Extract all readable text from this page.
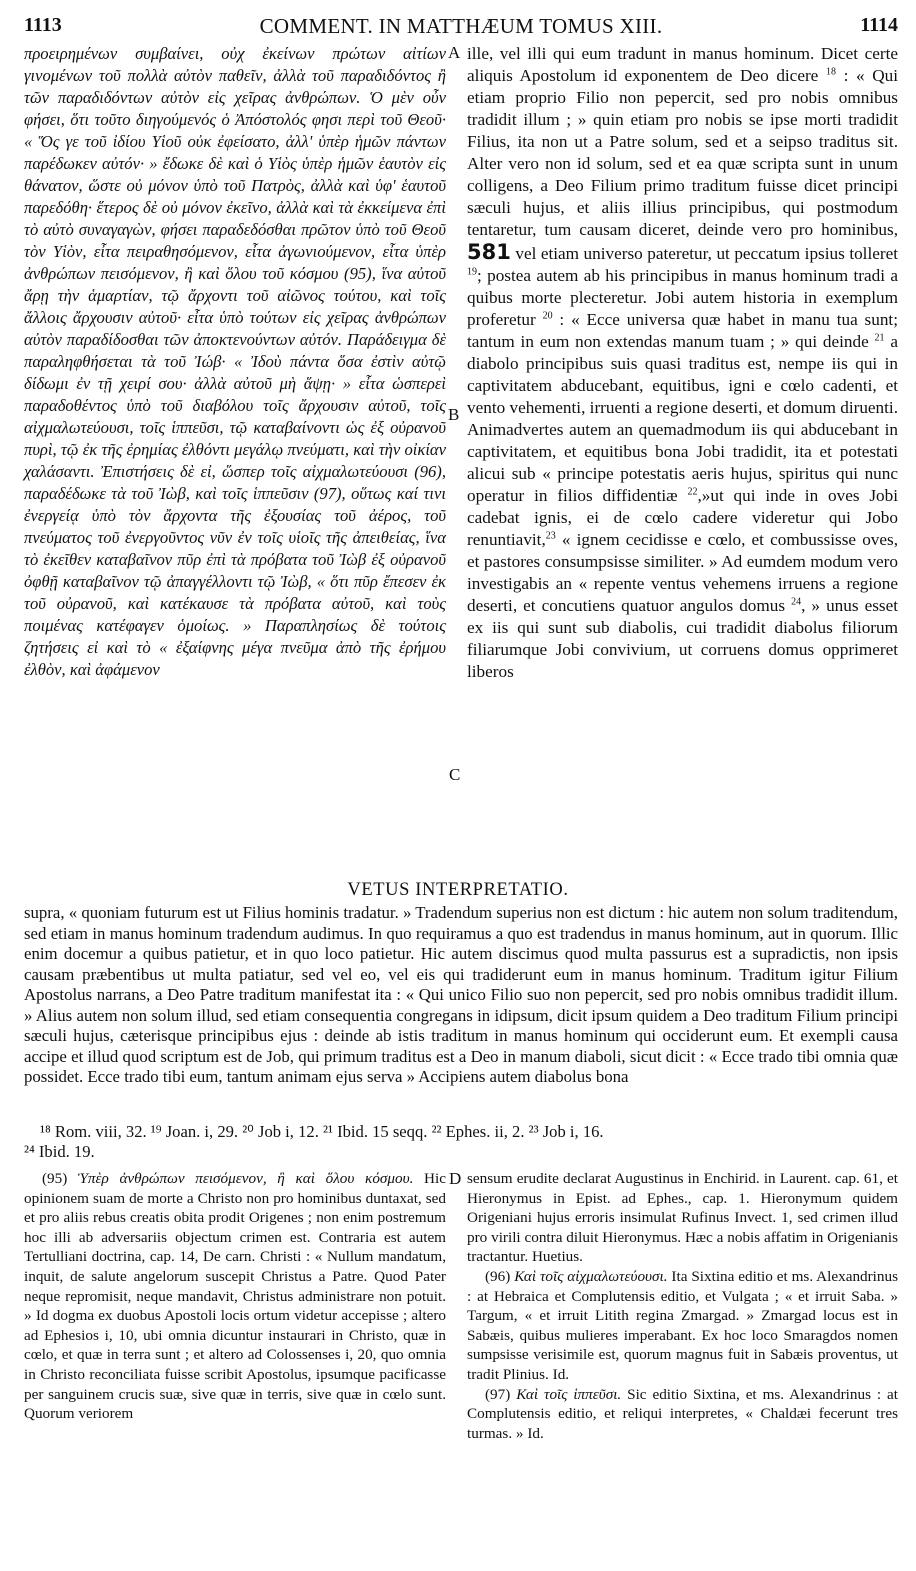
1113	COMMENT. IN MATTHÆUM TOMUS XIII.	1114
A
B
C
D

προειρημένων συμβαίνει, οὐχ ἐκείνων πρώτων αἰτίων γινομένων τοῦ πολλὰ αὐτὸν παθεῖν, ἀλλὰ τοῦ παραδιδόντος ἢ τῶν παραδιδόντων αὐτὸν εἰς χεῖρας ἀνθρώπων. Ὁ μὲν οὖν φήσει, ὅτι τοῦτο διηγούμενός ὁ Ἀπόστολός φησι περὶ τοῦ Θεοῦ· « Ὅς γε τοῦ ἰδίου Υἱοῦ οὐκ ἐφείσατο, ἀλλ' ὑπὲρ ἡμῶν πάντων παρέδωκεν αὐτόν· » ἔδωκε δὲ καὶ ὁ Υἱὸς ὑπὲρ ἡμῶν ἑαυτὸν εἰς θάνατον, ὥστε οὐ μόνον ὑπὸ τοῦ Πατρὸς, ἀλλὰ καὶ ὑφ' ἑαυτοῦ παρεδόθη· ἕτερος δὲ οὐ μόνον ἐκεῖνο, ἀλλὰ καὶ τὰ ἐκκείμενα ἐπὶ τὸ αὐτὸ συναγαγὼν, φήσει παραδεδόσθαι πρῶτον ὑπὸ τοῦ Θεοῦ τὸν Υἱὸν, εἶτα πειραθησόμενον, εἶτα ἀγωνιούμενον, εἶτα ὑπὲρ ἀνθρώπων πεισόμενον, ἢ καὶ ὅλου τοῦ κόσμου (95), ἵνα αὐτοῦ ἄρῃ τὴν ἁμαρτίαν, τῷ ἄρχοντι τοῦ αἰῶνος τούτου, καὶ τοῖς ἄλλοις ἄρχουσιν αὐτοῦ· εἶτα ὑπὸ τούτων εἰς χεῖρας ἀνθρώπων αὐτὸν παραδίδοσθαι τῶν ἀποκτενούντων αὐτόν. Παράδειγμα δὲ παραληφθήσεται τὰ τοῦ Ἰώβ· « Ἰδοὺ πάντα ὅσα ἐστὶν αὐτῷ δίδωμι ἐν τῇ χειρί σου· ἀλλὰ αὐτοῦ μὴ ἅψῃ· » εἶτα ὡσπερεὶ παραδοθέντος ὑπὸ τοῦ διαβόλου τοῖς ἄρχουσιν αὐτοῦ, τοῖς αἰχμαλωτεύουσι, τοῖς ἱππεῦσι, τῷ καταβαίνοντι ὡς ἐξ οὐρανοῦ πυρὶ, τῷ ἐκ τῆς ἐρημίας ἐλθόντι μεγάλῳ πνεύματι, καὶ τὴν οἰκίαν χαλάσαντι. Ἐπιστήσεις δὲ εἰ, ὥσπερ τοῖς αἰχμαλωτεύουσι (96), παραδέδωκε τὰ τοῦ Ἰὼβ, καὶ τοῖς ἱππεῦσιν (97), οὕτως καί τινι ἐνεργείᾳ ὑπὸ τὸν ἄρχοντα τῆς ἐξουσίας τοῦ ἀέρος, τοῦ πνεύματος τοῦ ἐνεργοῦντος νῦν ἐν τοῖς υἱοῖς τῆς ἀπειθείας, ἵνα τὸ ἐκεῖθεν καταβαῖνον πῦρ ἐπὶ τὰ πρόβατα τοῦ Ἰὼβ ἐξ οὐρανοῦ ὀφθῇ καταβαῖνον τῷ ἀπαγγέλλοντι τῷ Ἰὼβ, « ὅτι πῦρ ἔπεσεν ἐκ τοῦ οὐρανοῦ, καὶ κατέκαυσε τὰ πρόβατα αὐτοῦ, καὶ τοὺς ποιμένας κατέφαγεν ὁμοίως. » Παραπλησίως δὲ τούτοις ζητήσεις εἰ καὶ τὸ « ἐξαίφνης μέγα πνεῦμα ἀπὸ τῆς ἐρήμου ἐλθὸν, καὶ ἀφάμενον

ille, vel illi qui eum tradunt in manus hominum. Dicet certe aliquis Apostolum id exponentem de Deo dicere $^{18}$ : « Qui etiam proprio Filio non pepercit, sed pro nobis omnibus tradidit illum ; » quin etiam pro nobis se ipse morti tradidit Filius, ita non ut a Patre solum, sed et a seipso traditus sit. Alter vero non id solum, sed et ea quæ scripta sunt in unum colligens, a Deo Filium primo traditum fuisse dicet principi sæculi hujus, et aliis illius principibus, qui postmodum tentaretur, tum causam diceret, deinde vero pro hominibus, 581 vel etiam universo pateretur, ut peccatum ipsius tolleret $^{19}$; postea autem ab his principibus in manus hominum tradi a quibus morte plecteretur. Jobi autem historia in exemplum proferetur $^{20}$ : « Ecce universa quæ habet in manu tua sunt; tantum in eum non extendas manum tuam ; » qui deinde $^{21}$ a diabolo principibus suis quasi traditus est, nempe iis qui in captivitatem abducebant, equitibus, igni e cœlo cadenti, et vento vehementi, irruenti a regione deserti, et domum diruenti. Animadvertes autem an quemadmodum iis qui abducebant in captivitatem, et equitibus bona Jobi tradidit, ita et potestati alicui sub « principe potestatis aeris hujus, spiritus qui nunc operatur in filios diffidentiæ $^{22}$,»ut qui inde in oves Jobi cadebat ignis, ei de cœlo cadere videretur qui Jobo renuntiavit,$^{23}$ « ignem cecidisse e cœlo, et combussisse oves, et pastores consumpsisse similiter. » Ad eumdem modum vero investigabis an « repente ventus vehemens irruens a regione deserti, et concutiens quatuor angulos domus $^{24}$, » unus esset ex iis qui sunt sub diabolis, cui tradidit diabolus filiorum filiarumque Jobi convivium, ut corruens domus opprimeret liberos

VETUS INTERPRETATIO.

supra, « quoniam futurum est ut Filius hominis tradatur. » Tradendum superius non est dictum : hic autem non solum traditendum, sed etiam in manus hominum tradendum audimus. In quo requiramus a quo est tradendus in manus hominum, aut in quorum. Illic enim docemur a quibus patietur, et in quo loco patietur. Hic autem discimus quod multa passurus est a supradictis, non ipsis causam præbentibus ut multa patiatur, sed vel eo, vel eis qui tradiderunt eum in manus hominum. Traditum igitur Filium Apostolus narrans, a Deo Patre traditum manifestat ita : « Qui unico Filio suo non pepercit, sed pro nobis omnibus tradidit illum. » Alius autem non solum illud, sed etiam consequentia congregans in idipsum, dicit ipsum quidem a Deo traditum Filium principi sæculi hujus, cæterisque principibus ejus : deinde ab istis traditum in manus hominum qui occiderunt eum. Et exempli causa accipe et illud quod scriptum est de Job, qui primum traditus est a Deo in manum diaboli, sicut dicit : « Ecce trado tibi omnia quæ possidet. Ecce trado tibi eum, tantum animam ejus serva » Accipiens autem diabolus bona

¹⁸ Rom. viii, 32. ¹⁹ Joan. i, 29. ²⁰ Job i, 12. ²¹ Ibid. 15 seqq. ²² Ephes. ii, 2. ²³ Job i, 16.

²⁴ Ibid. 19.

(95) Ὑπὲρ ἀνθρώπων πεισόμενον, ἢ καὶ ὅλου κόσμου. Hic opinionem suam de morte a Christo non pro hominibus duntaxat, sed et pro aliis rebus creatis obita prodit Origenes ; non enim postremum hoc illi ab adversariis objectum crimen est. Contraria est autem Tertulliani doctrina, cap. 14, De carn. Christi : « Nullum mandatum, inquit, de salute angelorum suscepit Christus a Patre. Quod Pater neque repromisit, neque mandavit, Christus administrare non potuit. » Id dogma ex duobus Apostoli locis ortum videtur accepisse ; altero ad Ephesios i, 10, ubi omnia dicuntur instaurari in Christo, quæ in cœlo, et quæ in terra sunt ; et altero ad Colossenses i, 20, quo omnia in Christo reconciliata fuisse scribit Apostolus, ipsumque pacificasse per sanguinem crucis suæ, sive quæ in terris, sive quæ in cœlo sunt. Quorum veriorem

sensum erudite declarat Augustinus in Enchirid. in Laurent. cap. 61, et Hieronymus in Epist. ad Ephes., cap. 1. Hieronymum quidem Origeniani hujus erroris insimulat Rufinus Invect. 1, sed crimen illud pro virili contra diluit Hieronymus. Hæc a nobis affatim in Origenianis tractantur. Huetius.

(96) Καὶ τοῖς αἰχμαλωτεύουσι. Ita Sixtina editio et ms. Alexandrinus : at Hebraica et Complutensis editio, et Vulgata ; « et irruit Saba. » Targum, « et irruit Litith regina Zmargad. » Zmargad locus est in Sabæis, quibus mulieres imperabant. Ex hoc loco Smaragdos nomen sumpsisse verisimile est, quorum magnus fuit in Sabæis proventus, ut tradit Plinius. Id.

(97) Καὶ τοῖς ἱππεῦσι. Sic editio Sixtina, et ms. Alexandrinus : at Complutensis editio, et reliqui interpretes, « Chaldæi fecerunt tres turmas. » Id.
